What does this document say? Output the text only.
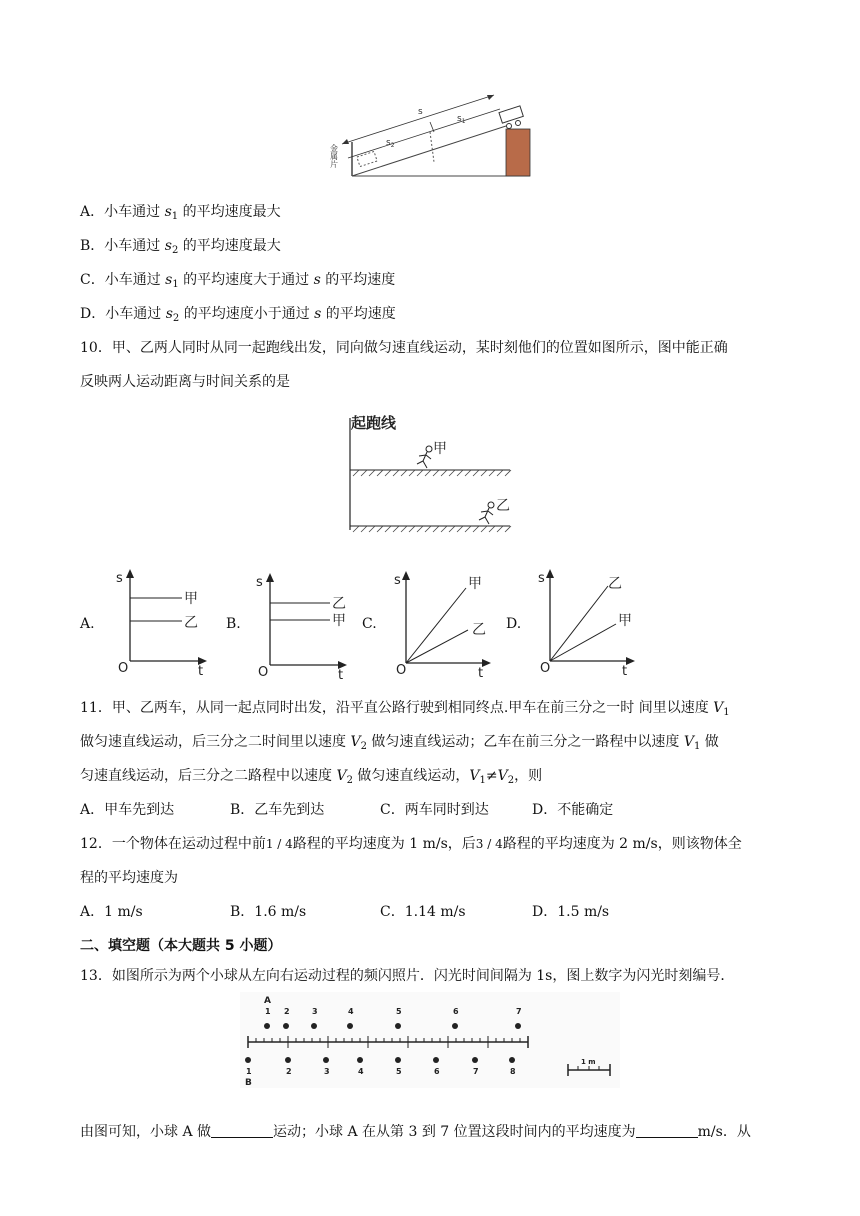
s
$s_1$
$s_2$
金属片
A．小车通过 $s_1$ 的平均速度最大
B．小车通过 $s_2$ 的平均速度最大
C．小车通过 $s_1$ 的平均速度大于通过 s 的平均速度
D．小车通过 $s_2$ 的平均速度小于通过 s 的平均速度
10．甲、乙两人同时从同一起跑线出发，同向做匀速直线运动，某时刻他们的位置如图所示，图中能正确
反映两人运动距离与时间关系的是
起跑线
甲
乙
A.
s
t
O
甲
乙 B.
s
t
O
乙
甲 C.
s
t
O
甲
乙 D.
s
t
O
乙
甲
11．甲、乙两车，从同一起点同时出发，沿平直公路行驶到相同终点.甲车在前三分之一时 间里以速度 $V_1$
做匀速直线运动，后三分之二时间里以速度 $V_2$ 做匀速直线运动；乙车在前三分之一路程中以速度 $V_1$ 做
匀速直线运动，后三分之二路程中以速度 $V_2$ 做匀速直线运动，$V_1\ne V_2$，则
A．甲车先到达	B．乙车先到达	C．两车同时到达	D．不能确定
12．一个物体在运动过程中前1 / 4路程的平均速度为 1 m/s，后3 / 4路程的平均速度为 2 m/s，则该物体全
程的平均速度为
A．1 m/s	B．1.6 m/s	C．1.14 m/s	D．1.5 m/s
二、填空题（本大题共 5 小题）
13．如图所示为两个小球从左向右运动过程的频闪照片．闪光时间间隔为 1s，图上数字为闪光时刻编号．
A
1 2	3	4	5	6	7
1	2	3	4	5	6	7	8
B
1 m
由图可知，小球 A 做	运动；小球 A 在从第 3 到 7 位置这段时间内的平均速度为	m/s．从
